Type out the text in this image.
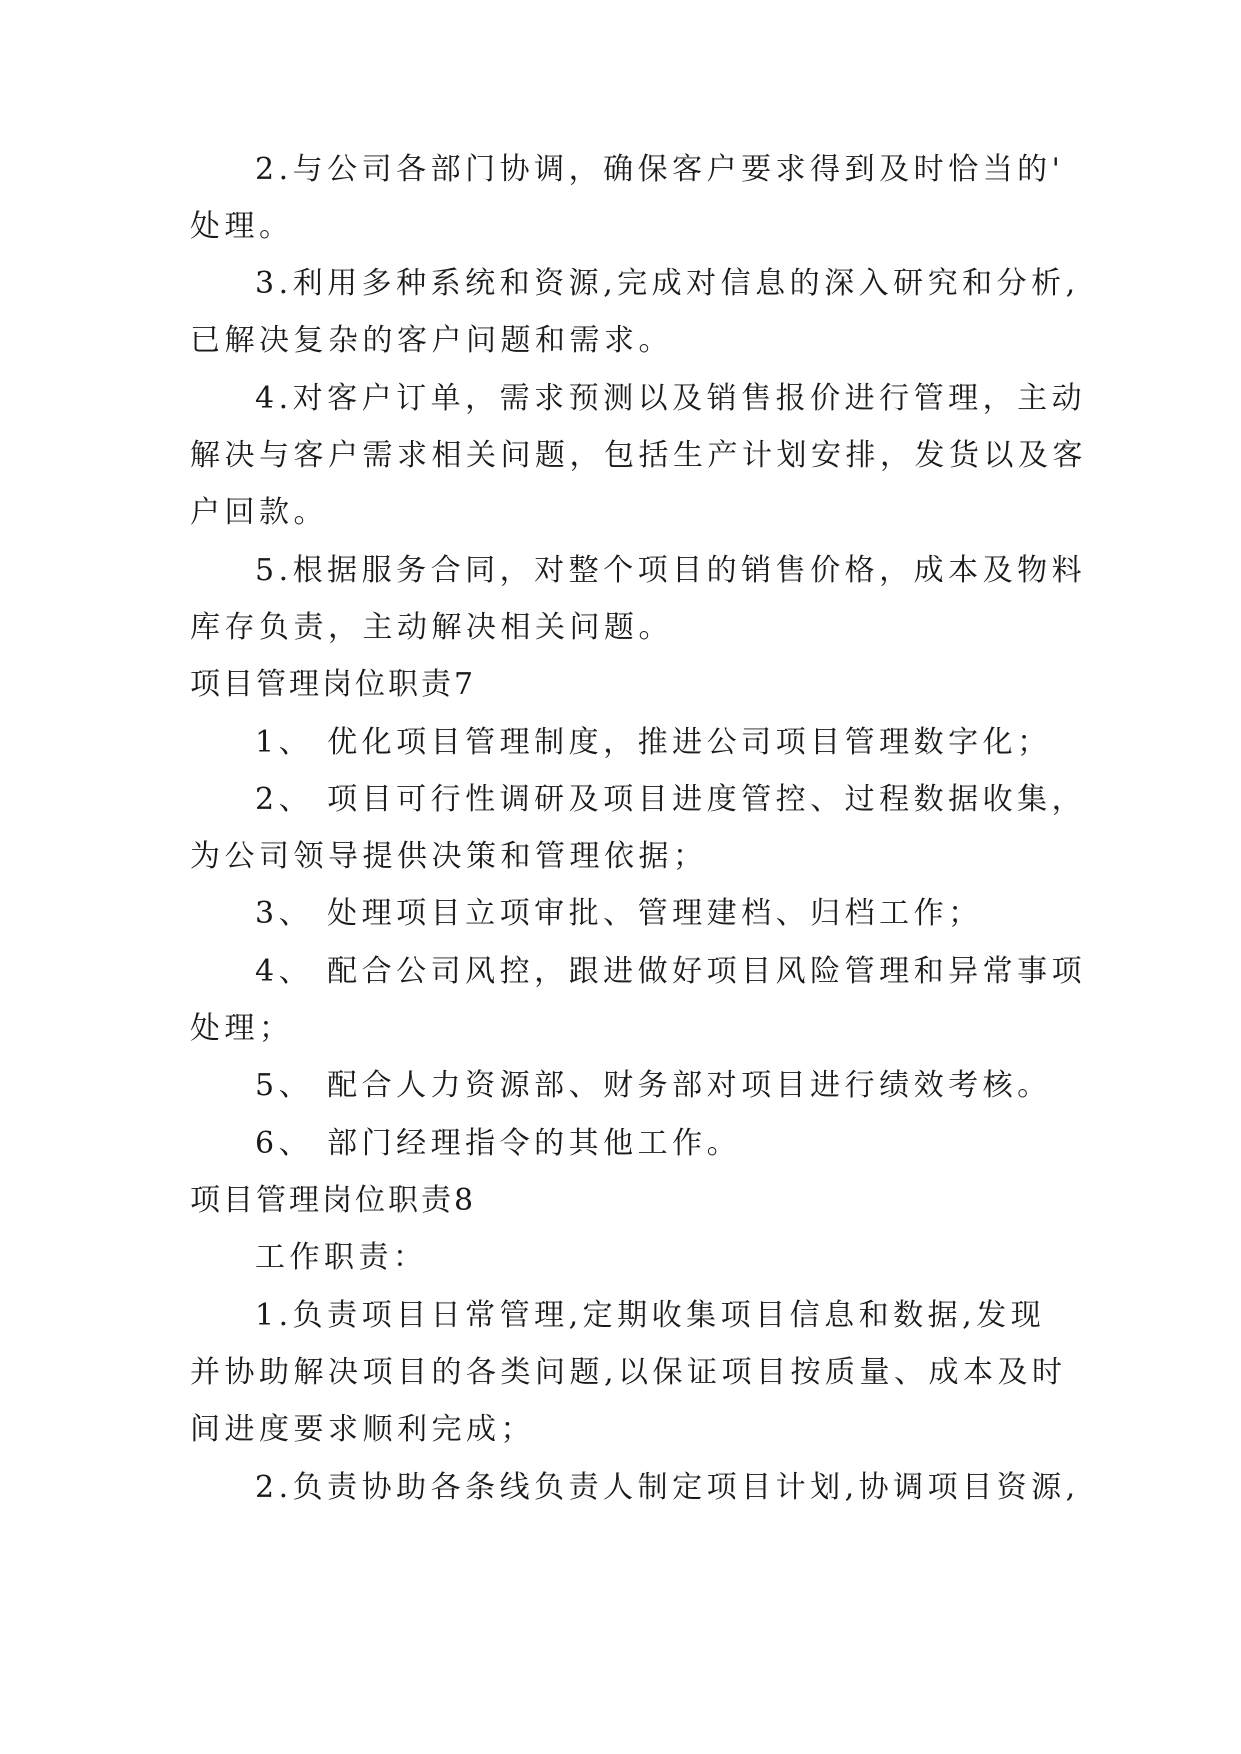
2.与公司各部门协调，确保客户要求得到及时恰当的'
处理。
3.利用多种系统和资源,完成对信息的深入研究和分析,
已解决复杂的客户问题和需求。
4.对客户订单，需求预测以及销售报价进行管理，主动
解决与客户需求相关问题，包括生产计划安排，发货以及客
户回款。
5.根据服务合同，对整个项目的销售价格，成本及物料
库存负责，主动解决相关问题。
项目管理岗位职责7
1、 优化项目管理制度，推进公司项目管理数字化；
2、 项目可行性调研及项目进度管控、过程数据收集，
为公司领导提供决策和管理依据；
3、 处理项目立项审批、管理建档、归档工作；
4、 配合公司风控，跟进做好项目风险管理和异常事项
处理；
5、 配合人力资源部、财务部对项目进行绩效考核。
6、 部门经理指令的其他工作。
项目管理岗位职责8
工作职责：
1.负责项目日常管理,定期收集项目信息和数据,发现
并协助解决项目的各类问题,以保证项目按质量、成本及时
间进度要求顺利完成；
2.负责协助各条线负责人制定项目计划,协调项目资源,
